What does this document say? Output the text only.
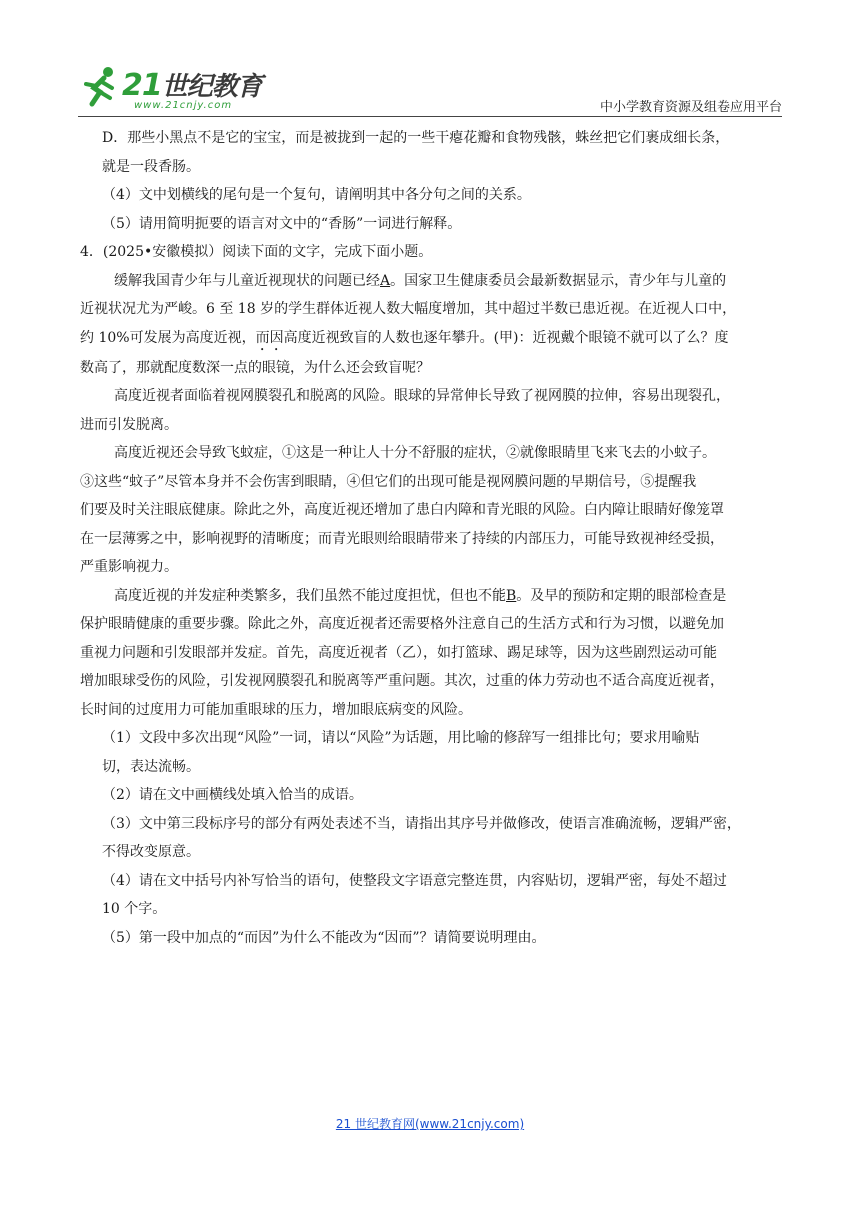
21世纪教育
www.21cnjy.com	中小学教育资源及组卷应用平台
D．那些小黑点不是它的宝宝，而是被拢到一起的一些干瘪花瓣和食物残骸，蛛丝把它们裹成细长条，
就是一段香肠。
（4）文中划横线的尾句是一个复句，请阐明其中各分句之间的关系。
（5）请用简明扼要的语言对文中的“香肠”一词进行解释。
4．(2025•安徽模拟）阅读下面的文字，完成下面小题。
缓解我国青少年与儿童近视现状的问题已经A。国家卫生健康委员会最新数据显示，青少年与儿童的
近视状况尤为严峻。6 至 18 岁的学生群体近视人数大幅度增加，其中超过半数已患近视。在近视人口中，
约 10%可发展为高度近视，而因高度近视致盲的人数也逐年攀升。(甲)：近视戴个眼镜不就可以了么？度
数高了，那就配度数深一点的眼镜，为什么还会致盲呢？
高度近视者面临着视网膜裂孔和脱离的风险。眼球的异常伸长导致了视网膜的拉伸，容易出现裂孔，
进而引发脱离。
高度近视还会导致飞蚊症，①这是一种让人十分不舒服的症状，②就像眼睛里飞来飞去的小蚊子。
③这些“蚊子”尽管本身并不会伤害到眼睛，④但它们的出现可能是视网膜问题的早期信号，⑤提醒我
们要及时关注眼底健康。除此之外，高度近视还增加了患白内障和青光眼的风险。白内障让眼睛好像笼罩
在一层薄雾之中，影响视野的清晰度；而青光眼则给眼睛带来了持续的内部压力，可能导致视神经受损，
严重影响视力。
高度近视的并发症种类繁多，我们虽然不能过度担忧，但也不能B。及早的预防和定期的眼部检查是
保护眼睛健康的重要步骤。除此之外，高度近视者还需要格外注意自己的生活方式和行为习惯，以避免加
重视力问题和引发眼部并发症。首先，高度近视者（乙），如打篮球、踢足球等，因为这些剧烈运动可能
增加眼球受伤的风险，引发视网膜裂孔和脱离等严重问题。其次，过重的体力劳动也不适合高度近视者，
长时间的过度用力可能加重眼球的压力，增加眼底病变的风险。
（1）文段中多次出现“风险”一词，请以“风险”为话题，用比喻的修辞写一组排比句；要求用喻贴
切，表达流畅。
（2）请在文中画横线处填入恰当的成语。
（3）文中第三段标序号的部分有两处表述不当，请指出其序号并做修改，使语言准确流畅，逻辑严密，
不得改变原意。
（4）请在文中括号内补写恰当的语句，使整段文字语意完整连贯，内容贴切，逻辑严密，每处不超过
10 个字。
（5）第一段中加点的“而因”为什么不能改为“因而”？请简要说明理由。
21 世纪教育网(www.21cnjy.com)
